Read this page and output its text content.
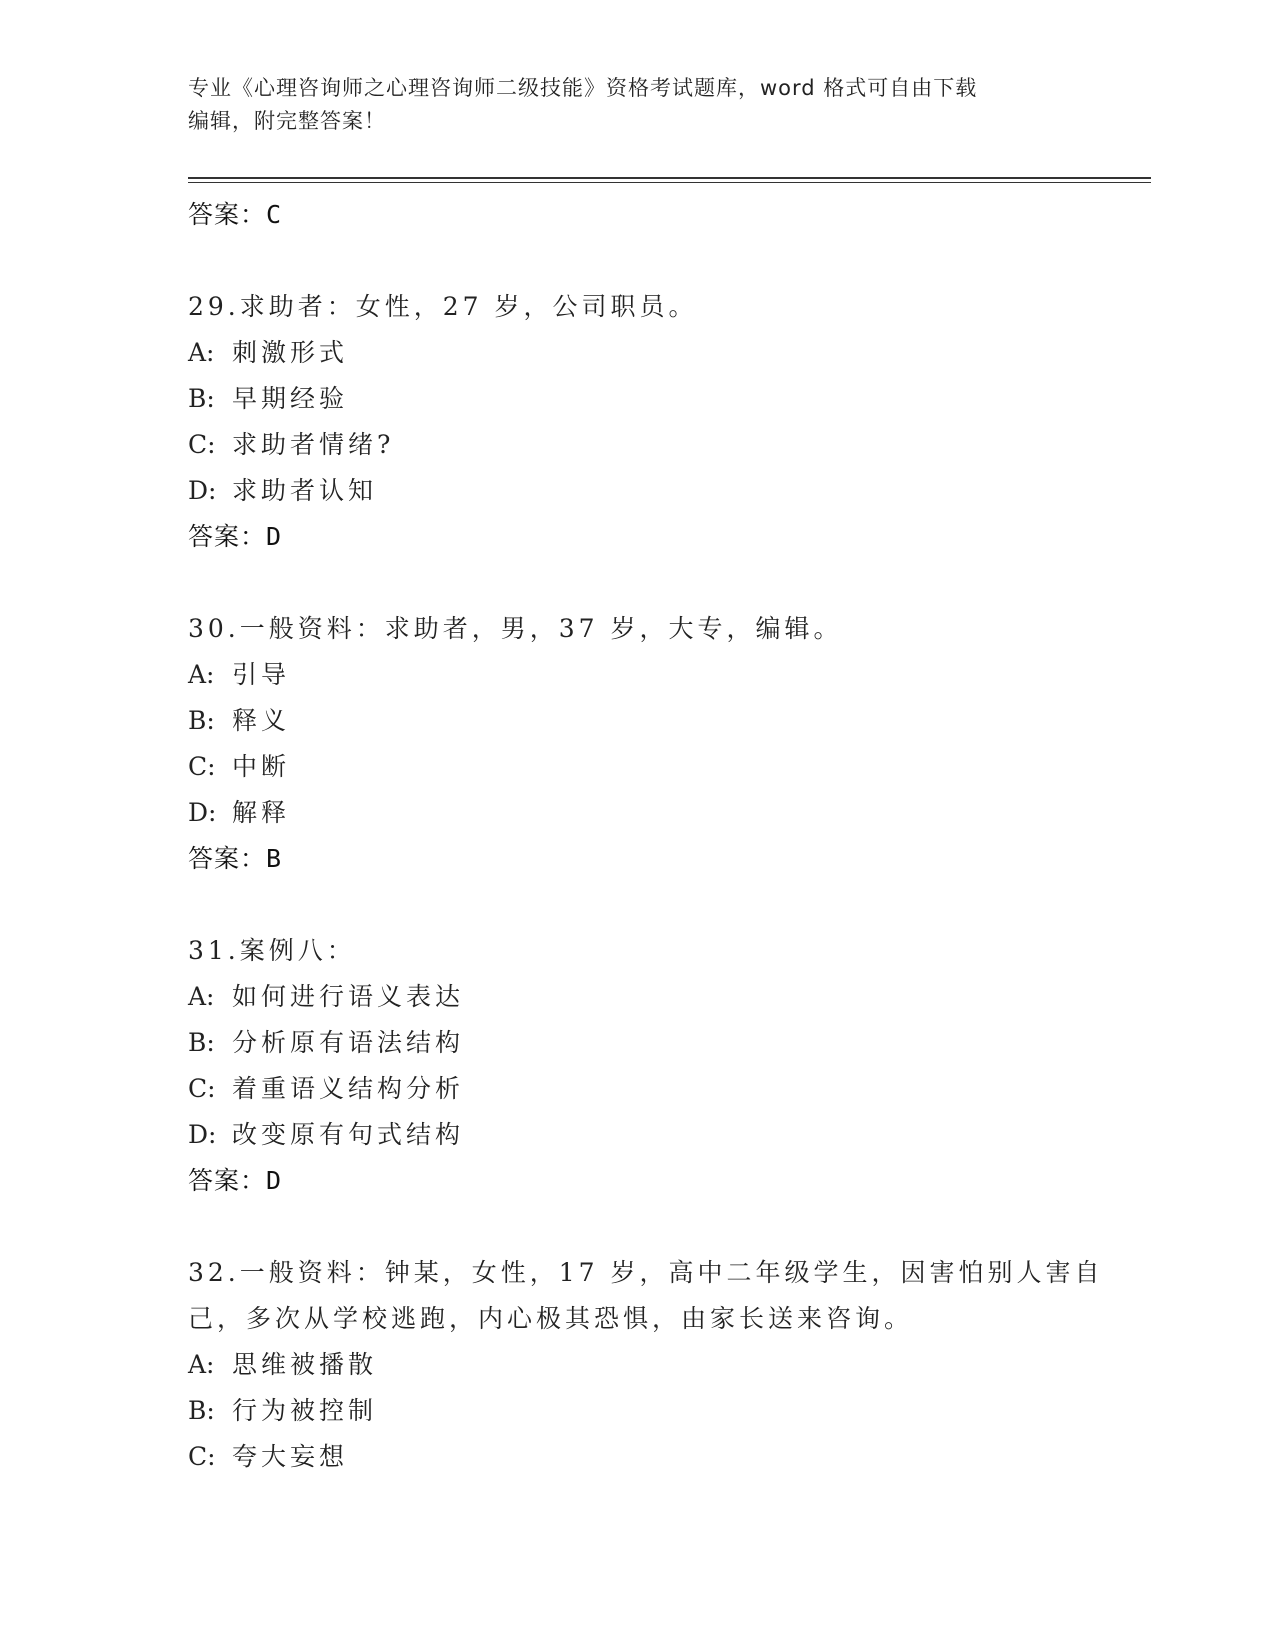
专业《心理咨询师之心理咨询师二级技能》资格考试题库，word 格式可自由下载
编辑，附完整答案！
答案：C
29.求助者：女性，27 岁，公司职员。
A: 刺激形式
B: 早期经验
C: 求助者情绪?
D: 求助者认知
答案：D
30.一般资料：求助者，男，37 岁，大专，编辑。
A: 引导
B: 释义
C: 中断
D: 解释
答案：B
31.案例八：
A: 如何进行语义表达
B: 分析原有语法结构
C: 着重语义结构分析
D: 改变原有句式结构
答案：D
32.一般资料：钟某，女性，17 岁，高中二年级学生，因害怕别人害自己，多次从学校逃跑，内心极其恐惧，由家长送来咨询。
A: 思维被播散
B: 行为被控制
C: 夸大妄想
